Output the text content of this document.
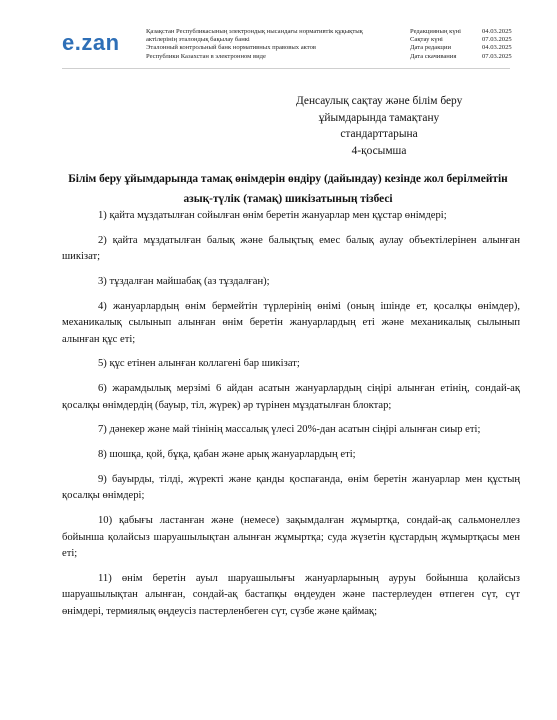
e.zan	Қазақстан Республикасының электрондық нысандағы нормативтік құқықтық
актілерінің эталондық бақылау банкі
Эталонный контрольный банк нормативных правовых актов
Республики Казахстан в электронном виде
Редакцияның күні	04.03.2025
Сақтау күні	07.03.2025
Дата редакции	04.03.2025
Дата скачивания	07.03.2025
Денсаулық сақтау және білім беру
ұйымдарында тамақтану
стандарттарына
4-қосымша
Білім беру ұйымдарында тамақ өнімдерін өндіру (дайындау) кезінде жол берілмейтін азық-түлік (тамақ) шикізатының тізбесі

1) қайта мұздатылған сойылған өнім беретін жануарлар мен құстар өнімдері;

2) қайта мұздатылған балық және балықтық емес балық аулау объектілерінен алынған шикізат;

3) тұздалған майшабақ (аз тұздалған);

4) жануарлардың өнім бермейтін түрлерінің өнімі (оның ішінде ет, қосалқы өнімдер), механикалық сылынып алынған өнім беретін жануарлардың еті және механикалық сылынып алынған құс еті;

5) құс етінен алынған коллагені бар шикізат;

6) жарамдылық мерзімі 6 айдан асатын жануарлардың сіңірі алынған етінің, сондай-ақ қосалқы өнімдердің (бауыр, тіл, жүрек) әр түрінен мұздатылған блоктар;

7) дәнекер және май тінінің массалық үлесі 20%-дан асатын сіңірі алынған сиыр еті;

8) шошқа, қой, бұқа, қабан және арық жануарлардың еті;

9) бауырды, тілді, жүректі және қанды қоспағанда, өнім беретін жануарлар мен құстың қосалқы өнімдері;

10) қабығы ластанған және (немесе) зақымдалған жұмыртқа, сондай-ақ сальмонеллез бойынша қолайсыз шаруашылықтан алынған жұмыртқа; суда жүзетін құстардың жұмыртқасы мен еті;

11) өнім беретін ауыл шаруашылығы жануарларының ауруы бойынша қолайсыз шаруашылықтан алынған, сондай-ақ бастапқы өңдеуден және пастерлеуден өтпеген сүт, сүт өнімдері, термиялық өңдеусіз пастерленбеген сүт, сүзбе және қаймақ;
